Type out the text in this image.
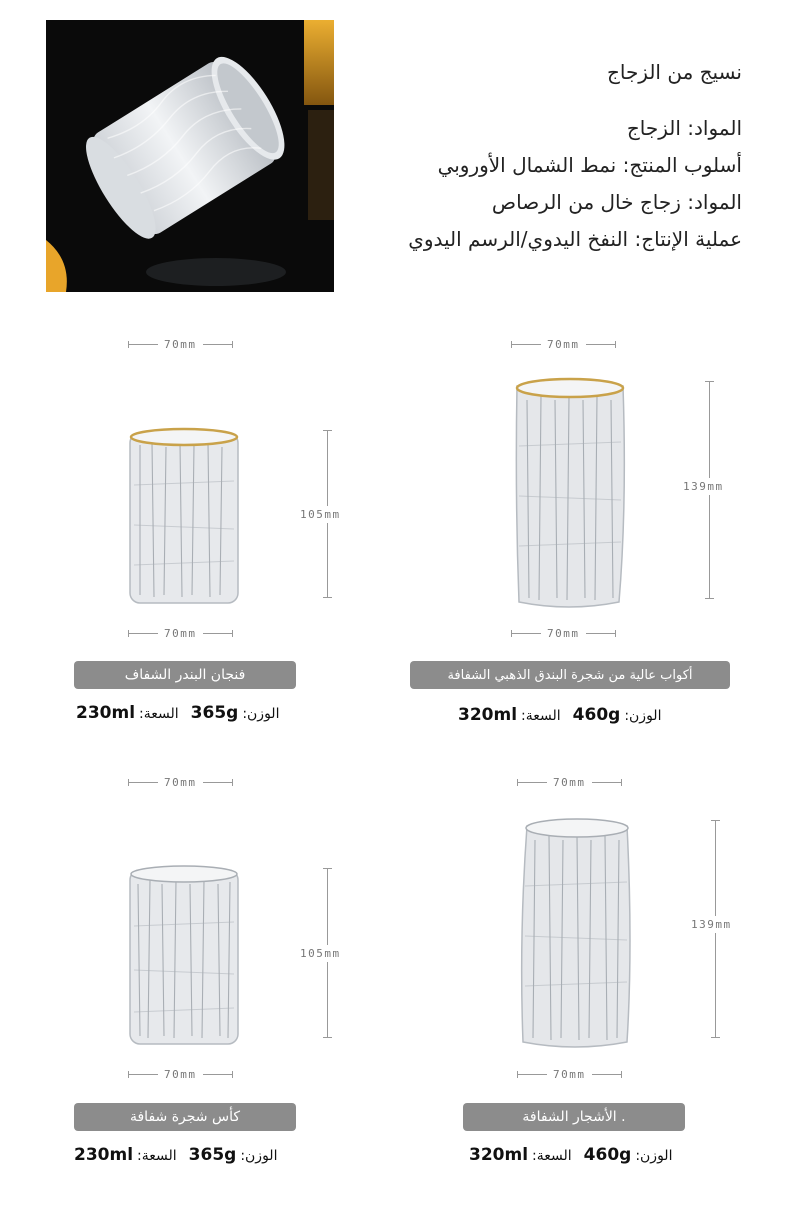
نسيج من الزجاج
المواد: الزجاج
أسلوب المنتج: نمط الشمال الأوروبي
المواد: زجاج خال من الرصاص
عملية الإنتاج: النفخ اليدوي/الرسم اليدوي
70mm
105mm
70mm
فنجان البندر الشفاف
الوزن:
365g
السعة:
230ml
70mm
139mm
70mm
أكواب عالية من شجرة البندق الذهبي الشفافة
الوزن:
460g
السعة:
320ml
70mm
105mm
70mm
كأس شجرة شفافة
الوزن:
365g
السعة:
230ml
70mm
139mm
70mm
. الأشجار الشفافة
الوزن:
460g
السعة:
320ml
